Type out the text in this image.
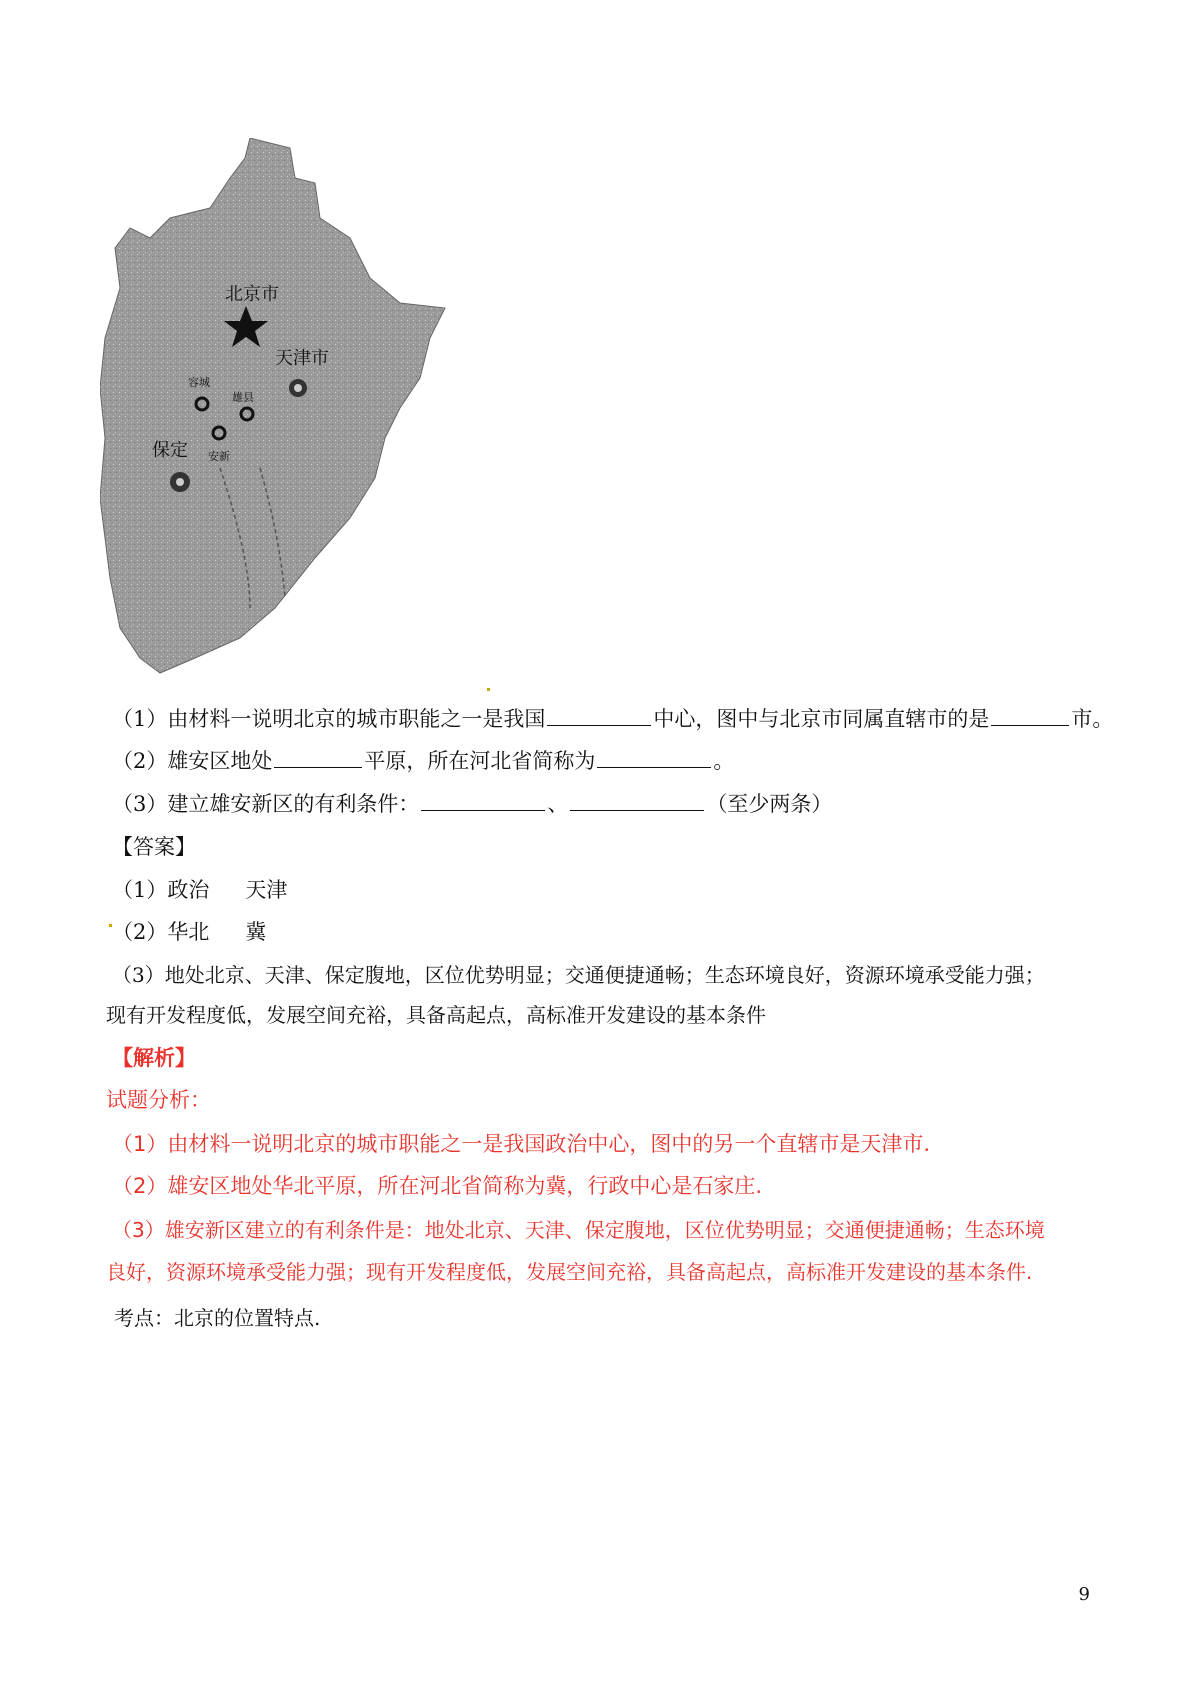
北京市
天津市
容城
雄县
安新
保定
（1）由材料一说明北京的城市职能之一是我国	中心，图中与北京市同属直辖市的是	市。
（2）雄安区地处	平原，所在河北省简称为	。
（3）建立雄安新区的有利条件：	、	（至少两条）
【答案】
（1）政治 天津
（2）华北 冀
（3）地处北京、天津、保定腹地，区位优势明显；交通便捷通畅；生态环境良好，资源环境承受能力强；
现有开发程度低，发展空间充裕，具备高起点，高标准开发建设的基本条件
【解析】
试题分析：
（1）由材料一说明北京的城市职能之一是我国政治中心，图中的另一个直辖市是天津市.
（2）雄安区地处华北平原，所在河北省简称为冀，行政中心是石家庄.
（3）雄安新区建立的有利条件是：地处北京、天津、保定腹地，区位优势明显；交通便捷通畅；生态环境
良好，资源环境承受能力强；现有开发程度低，发展空间充裕，具备高起点，高标准开发建设的基本条件.
考点：北京的位置特点.
9
